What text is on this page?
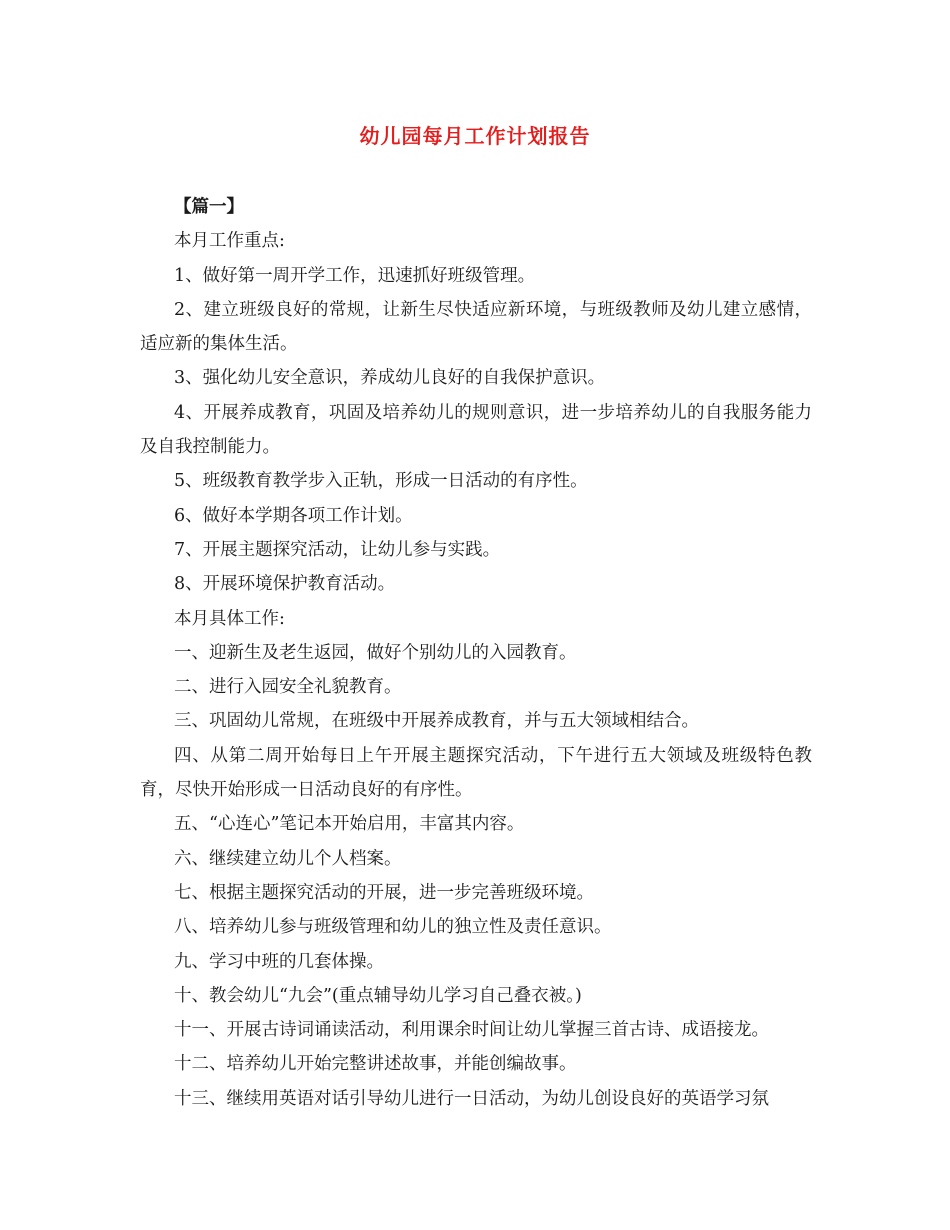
幼儿园每月工作计划报告

【篇一】

本月工作重点:

1、做好第一周开学工作，迅速抓好班级管理。

2、建立班级良好的常规，让新生尽快适应新环境，与班级教师及幼儿建立感情，适应新的集体生活。

3、强化幼儿安全意识，养成幼儿良好的自我保护意识。

4、开展养成教育，巩固及培养幼儿的规则意识，进一步培养幼儿的自我服务能力及自我控制能力。

5、班级教育教学步入正轨，形成一日活动的有序性。

6、做好本学期各项工作计划。

7、开展主题探究活动，让幼儿参与实践。

8、开展环境保护教育活动。

本月具体工作:

一、迎新生及老生返园，做好个别幼儿的入园教育。

二、进行入园安全礼貌教育。

三、巩固幼儿常规，在班级中开展养成教育，并与五大领域相结合。

四、从第二周开始每日上午开展主题探究活动，下午进行五大领域及班级特色教育，尽快开始形成一日活动良好的有序性。

五、“心连心”笔记本开始启用，丰富其内容。

六、继续建立幼儿个人档案。

七、根据主题探究活动的开展，进一步完善班级环境。

八、培养幼儿参与班级管理和幼儿的独立性及责任意识。

九、学习中班的几套体操。

十、教会幼儿“九会”(重点辅导幼儿学习自己叠衣被。)

十一、开展古诗词诵读活动，利用课余时间让幼儿掌握三首古诗、成语接龙。

十二、培养幼儿开始完整讲述故事，并能创编故事。

十三、继续用英语对话引导幼儿进行一日活动，为幼儿创设良好的英语学习氛
